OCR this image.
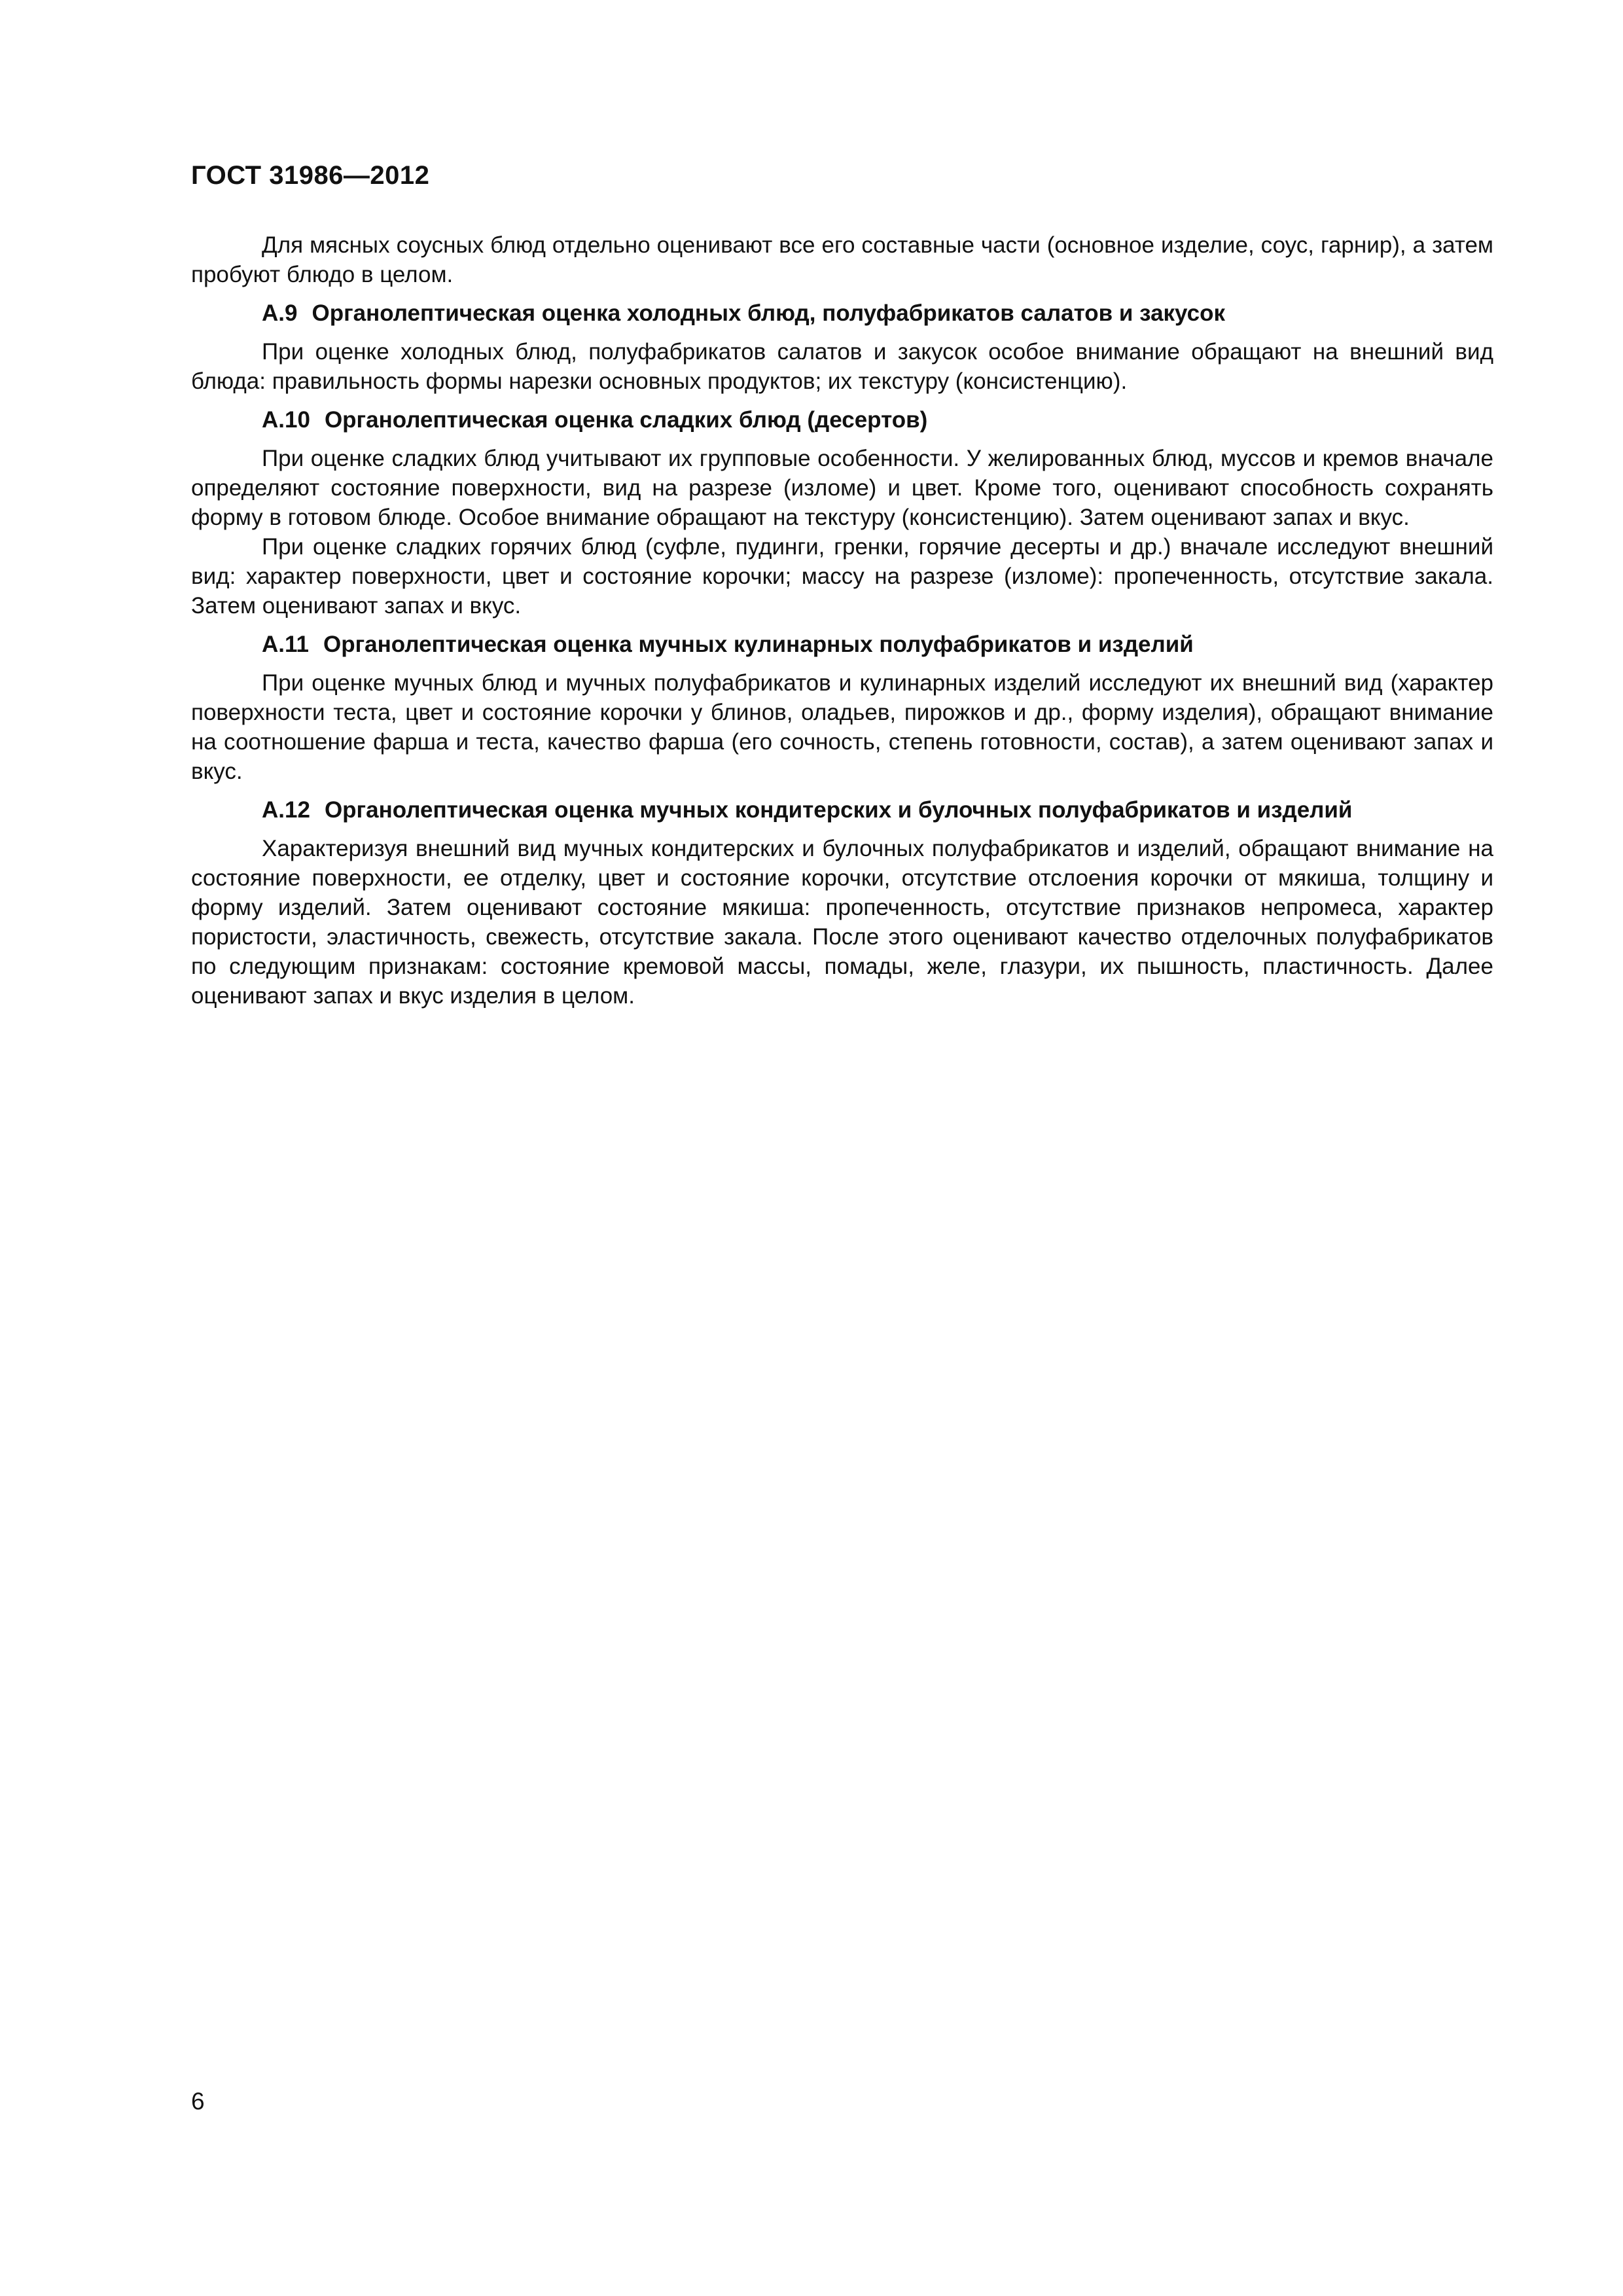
ГОСТ 31986—2012

Для мясных соусных блюд отдельно оценивают все его составные части (основное изделие, соус, гарнир), а затем пробуют блюдо в целом.

А.9 Органолептическая оценка холодных блюд, полуфабрикатов салатов и закусок

При оценке холодных блюд, полуфабрикатов салатов и закусок особое внимание обращают на внешний вид блюда: правильность формы нарезки основных продуктов; их текстуру (консистенцию).

А.10 Органолептическая оценка сладких блюд (десертов)

При оценке сладких блюд учитывают их групповые особенности. У желированных блюд, муссов и кремов вначале определяют состояние поверхности, вид на разрезе (изломе) и цвет. Кроме того, оценивают способность сохранять форму в готовом блюде. Особое внимание обращают на текстуру (консистенцию). Затем оценивают запах и вкус.

При оценке сладких горячих блюд (суфле, пудинги, гренки, горячие десерты и др.) вначале исследуют внешний вид: характер поверхности, цвет и состояние корочки; массу на разрезе (изломе): пропеченность, отсутствие закала. Затем оценивают запах и вкус.

А.11 Органолептическая оценка мучных кулинарных полуфабрикатов и изделий

При оценке мучных блюд и мучных полуфабрикатов и кулинарных изделий исследуют их внешний вид (характер поверхности теста, цвет и состояние корочки у блинов, оладьев, пирожков и др., форму изделия), обращают внимание на соотношение фарша и теста, качество фарша (его сочность, степень готовности, состав), а затем оценивают запах и вкус.

А.12 Органолептическая оценка мучных кондитерских и булочных полуфабрикатов и изделий

Характеризуя внешний вид мучных кондитерских и булочных полуфабрикатов и изделий, обращают внимание на состояние поверхности, ее отделку, цвет и состояние корочки, отсутствие отслоения корочки от мякиша, толщину и форму изделий. Затем оценивают состояние мякиша: пропеченность, отсутствие признаков непромеса, характер пористости, эластичность, свежесть, отсутствие закала. После этого оценивают качество отделочных полуфабрикатов по следующим признакам: состояние кремовой массы, помады, желе, глазури, их пышность, пластичность. Далее оценивают запах и вкус изделия в целом.

6
